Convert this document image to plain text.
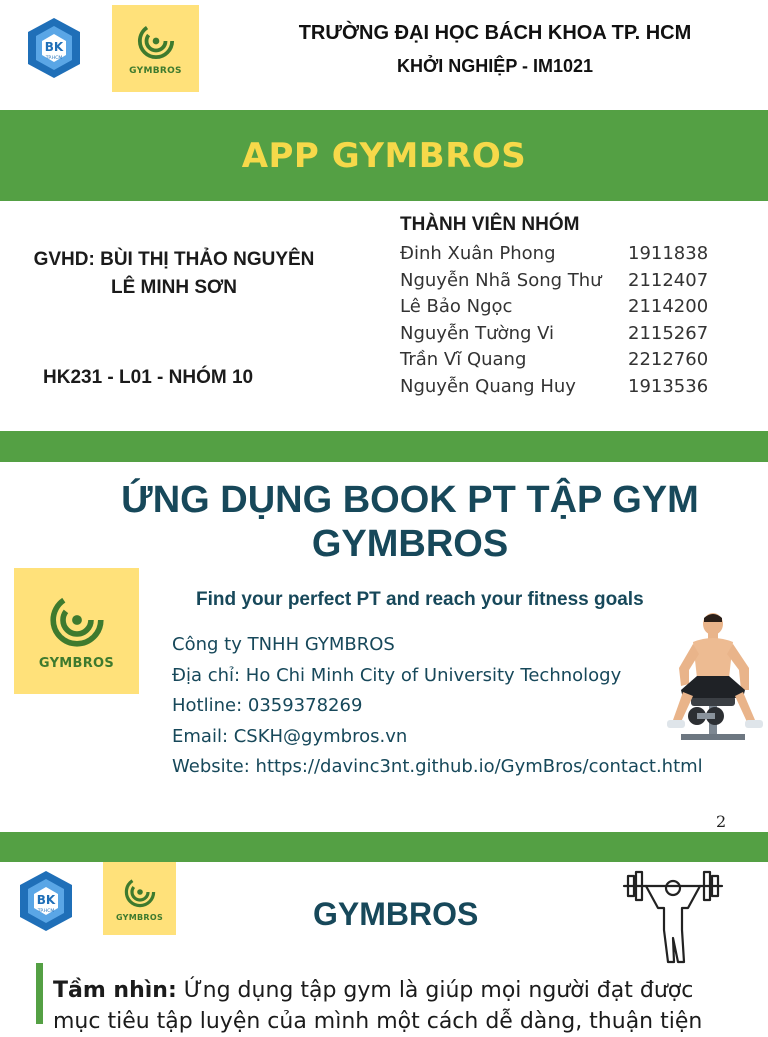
BK
TP.HCM
GYMBROS
TRƯỜNG ĐẠI HỌC BÁCH KHOA TP. HCM
KHỞI NGHIỆP - IM1021
APP GYMBROS
GVHD: BÙI THỊ THẢO NGUYÊN
LÊ MINH SƠN
HK231 - L01 - NHÓM 10
THÀNH VIÊN NHÓM
Đinh Xuân Phong	1911838
Nguyễn Nhã Song Thư	2112407
Lê Bảo Ngọc	2114200
Nguyễn Tường Vi	2115267
Trần Vĩ Quang	2212760
Nguyễn Quang Huy	1913536
ỨNG DỤNG BOOK PT TẬP GYM
GYMBROS
GYMBROS
Find your perfect PT and reach your fitness goals
Công ty TNHH GYMBROS
Địa chỉ: Ho Chi Minh City of University Technology
Hotline: 0359378269
Email: CSKH@gymbros.vn
Website: https://davinc3nt.github.io/GymBros/contact.html
2
BK
TP.HCM
GYMBROS	GYMBROS
Tầm nhìn: Ứng dụng tập gym là giúp mọi người đạt được
mục tiêu tập luyện của mình một cách dễ dàng, thuận tiện
